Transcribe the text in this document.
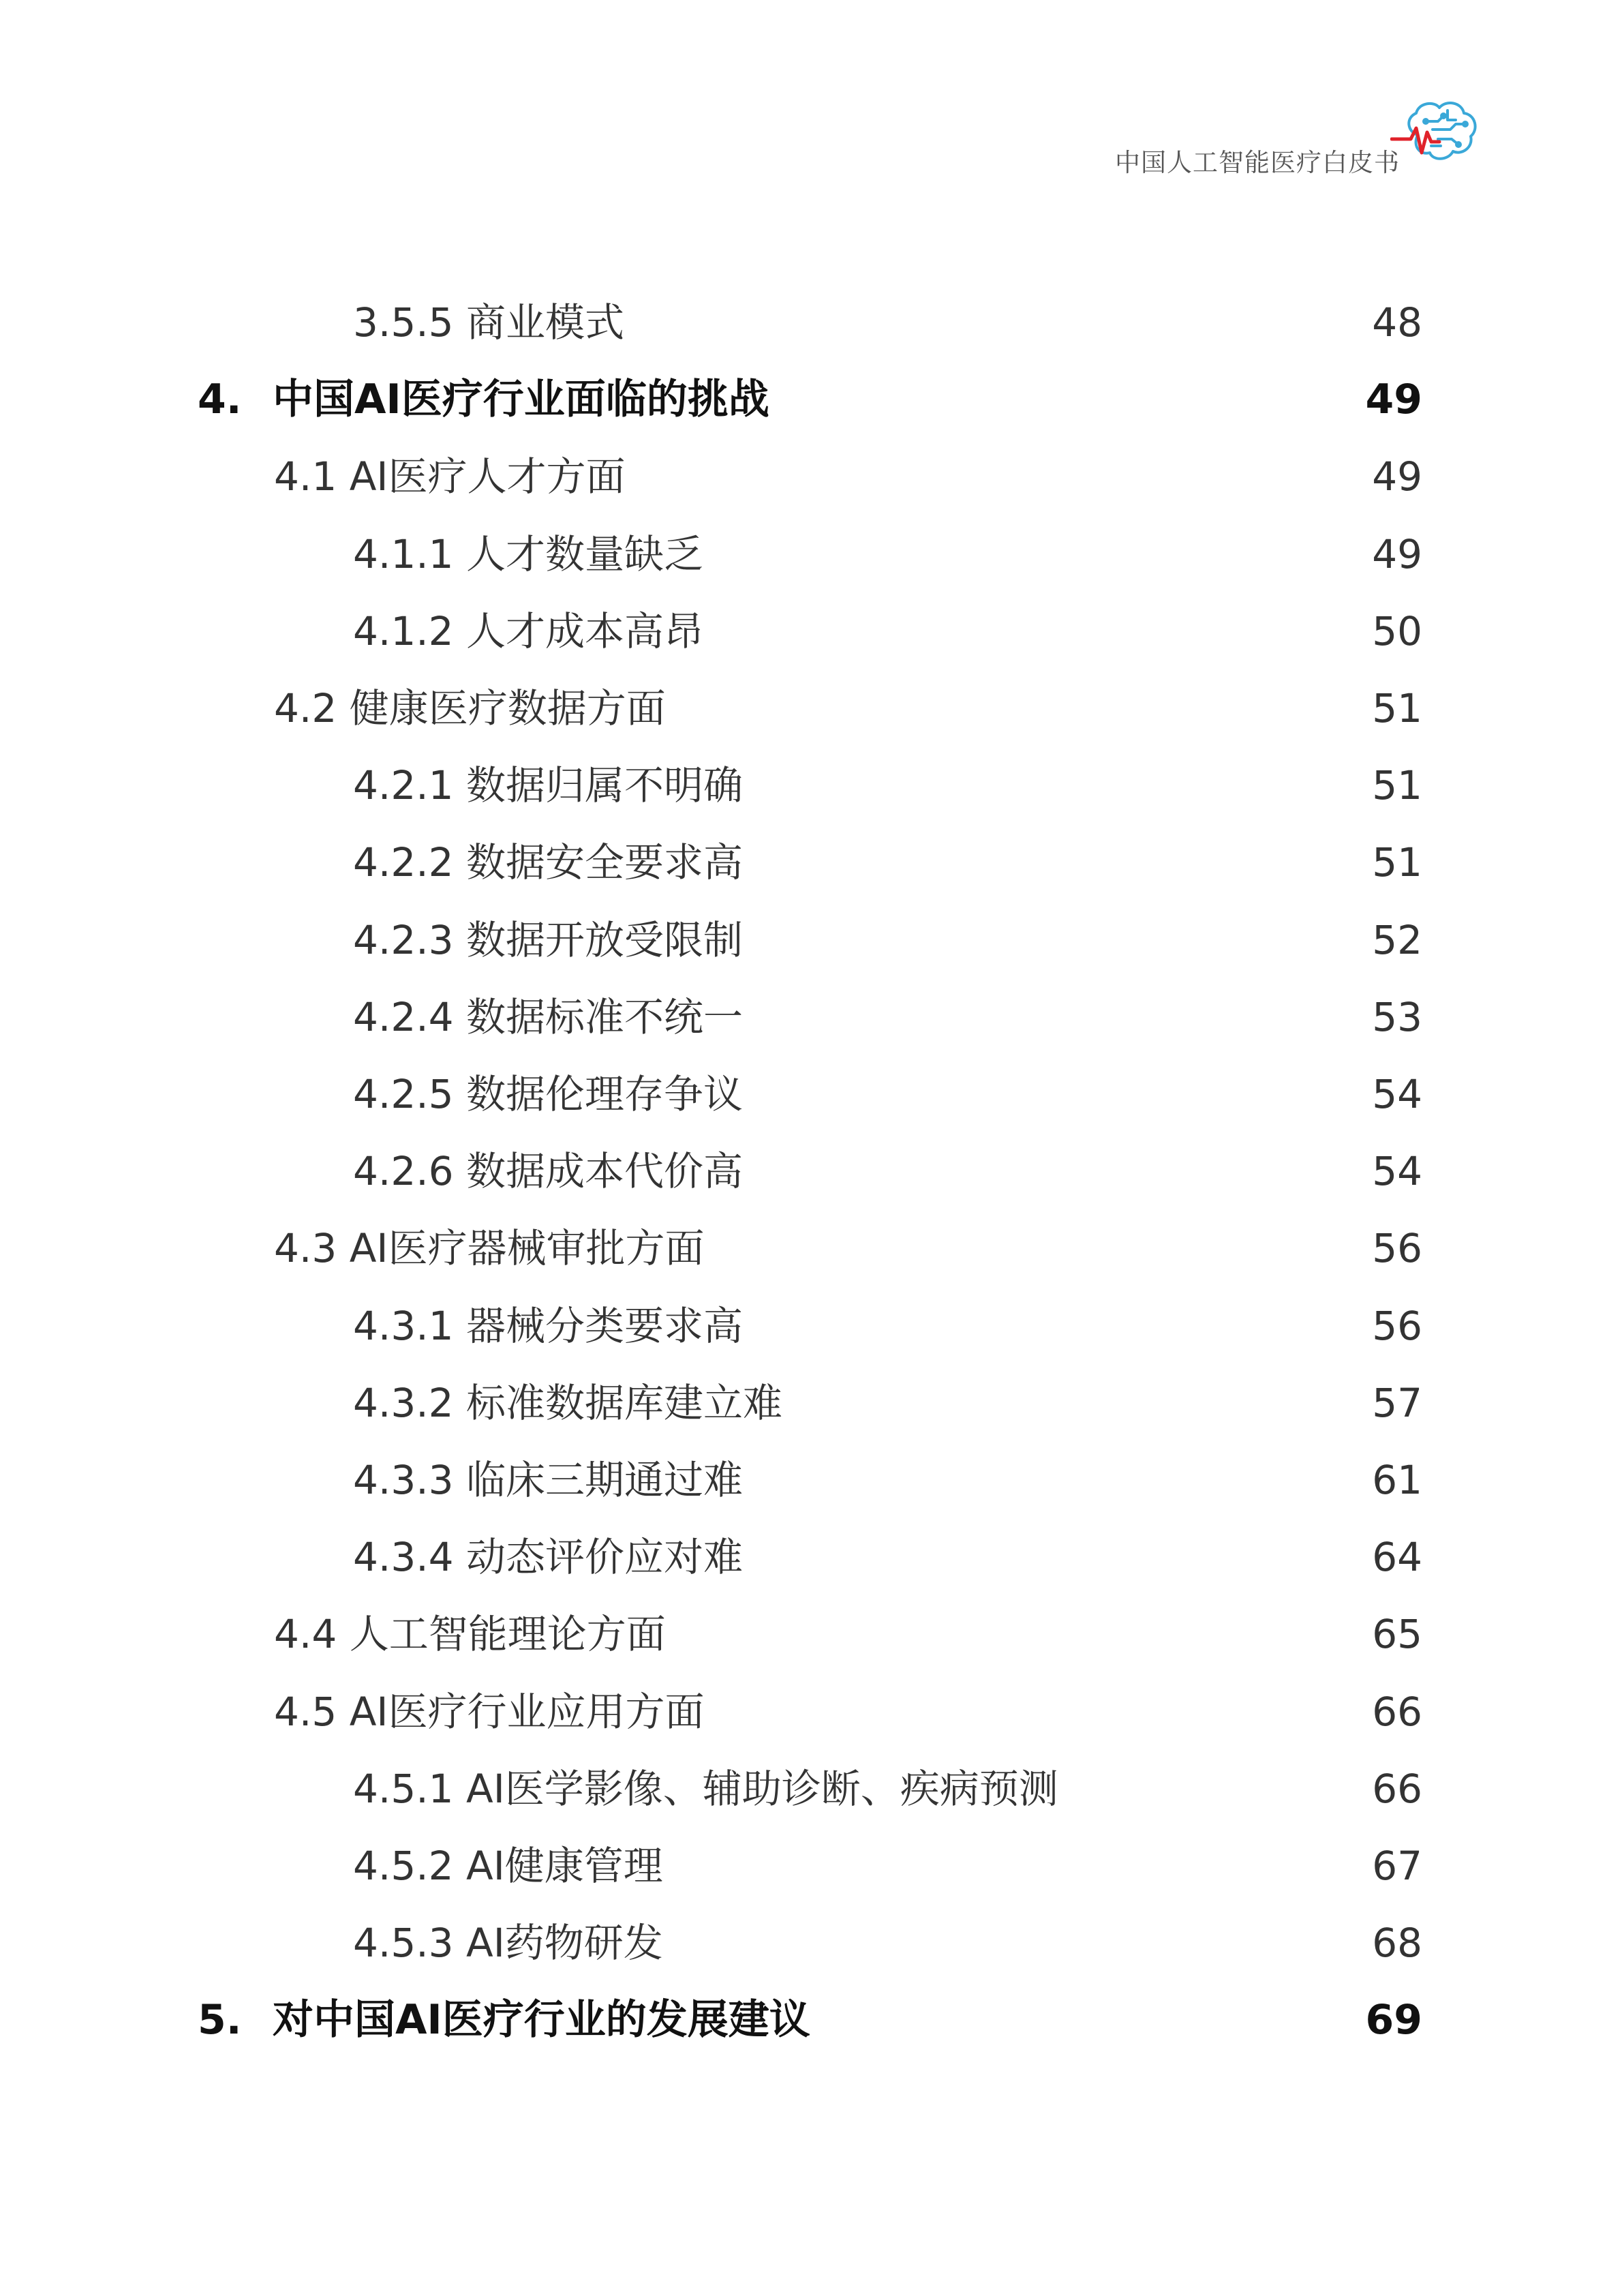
中国人工智能医疗白皮书
3.5.5 商业模式	48
4. 中国AI医疗行业面临的挑战	49
4.1 AI医疗人才方面	49
4.1.1 人才数量缺乏	49
4.1.2 人才成本高昂	50
4.2 健康医疗数据方面	51
4.2.1 数据归属不明确	51
4.2.2 数据安全要求高	51
4.2.3 数据开放受限制	52
4.2.4 数据标准不统一	53
4.2.5 数据伦理存争议	54
4.2.6 数据成本代价高	54
4.3 AI医疗器械审批方面	56
4.3.1 器械分类要求高	56
4.3.2 标准数据库建立难	57
4.3.3 临床三期通过难	61
4.3.4 动态评价应对难	64
4.4 人工智能理论方面	65
4.5 AI医疗行业应用方面	66
4.5.1 AI医学影像、辅助诊断、疾病预测	66
4.5.2 AI健康管理	67
4.5.3 AI药物研发	68
5. 对中国AI医疗行业的发展建议	69
